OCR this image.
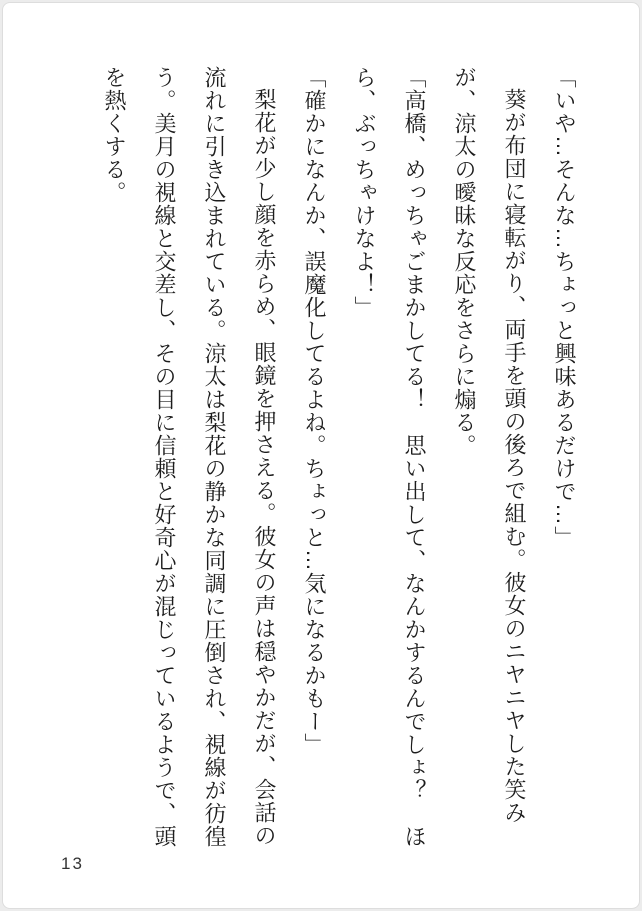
「いや…そんな…ちょっと興味あるだけで…」

葵が布団に寝転がり、両手を頭の後ろで組む。彼女のニヤニヤした笑みが、涼太の曖昧な反応をさらに煽る。

「高橋、めっちゃごまかしてる！　思い出して、なんかするんでしょ？　ほら、ぶっちゃけなよ！」

「確かになんか、誤魔化してるよね。ちょっと…気になるかもー」

梨花が少し顔を赤らめ、眼鏡を押さえる。彼女の声は穏やかだが、会話の流れに引き込まれている。涼太は梨花の静かな同調に圧倒され、視線が彷徨う。美月の視線と交差し、その目に信頼と好奇心が混じっているようで、頭を熱くする。

13
